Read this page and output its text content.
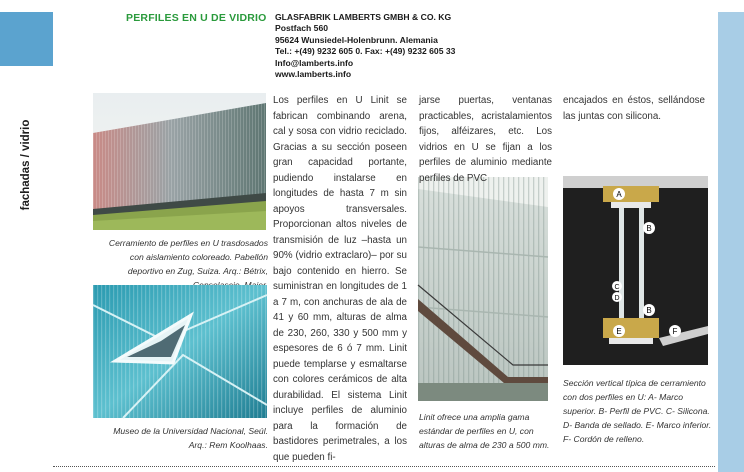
fachadas / vidrio
PERFILES EN U DE VIDRIO GLASFABRIK LAMBERTS GMBH & CO. KG
Postfach 560
95624 Wunsiedel-Holenbrunn. Alemania
Tel.: +(49) 9232 605 0. Fax: +(49) 9232 605 33
Info@lamberts.info
www.lamberts.info
Cerramiento de perfiles en U trasdosados con aislamiento coloreado. Pabellón deportivo en Zug, Suiza. Arq.: Bétrix,
Museo de la Universidad Nacional, Seúl. Arq.: Rem Koolhaas.
Linit ofrece una amplia gama estándar de perfiles en U, con alturas de alma de 230 a 500 mm.
A
B
C
D
B
E	F
Sección vertical típica de cerramiento con dos perfiles en U: A- Marco superior. B- Perfil de PVC. C- Silicona. D- Banda de sellado. E- Marco inferior. F- Cordón de relleno.
Los perfiles en U Linit se fabrican combinando arena, cal y sosa con vidrio reciclado. Gracias a su sección poseen gran capacidad portante, pudiendo instalarse en longitudes de hasta 7 m sin apoyos transversales. Proporcionan altos niveles de transmisión de luz –hasta un 90% (vidrio extraclaro)– por su bajo contenido en hierro. Se suministran en longitudes de 1 a 7 m, con anchuras de ala de 41 y 60 mm, alturas de alma de 230, 260, 330 y 500 mm y espesores de 6 ó 7 mm. Linit puede templarse y esmaltarse con colores cerámicos de alta durabilidad. El sistema Linit incluye perfiles de aluminio para la formación de bastidores perimetrales, a los que pueden fi-
jarse puertas, ventanas practicables, acristalamientos fijos, alféizares, etc. Los vidrios en U se fijan a los perfiles de aluminio mediante perfiles de PVC
encajados en éstos, sellándose las juntas con silicona.
